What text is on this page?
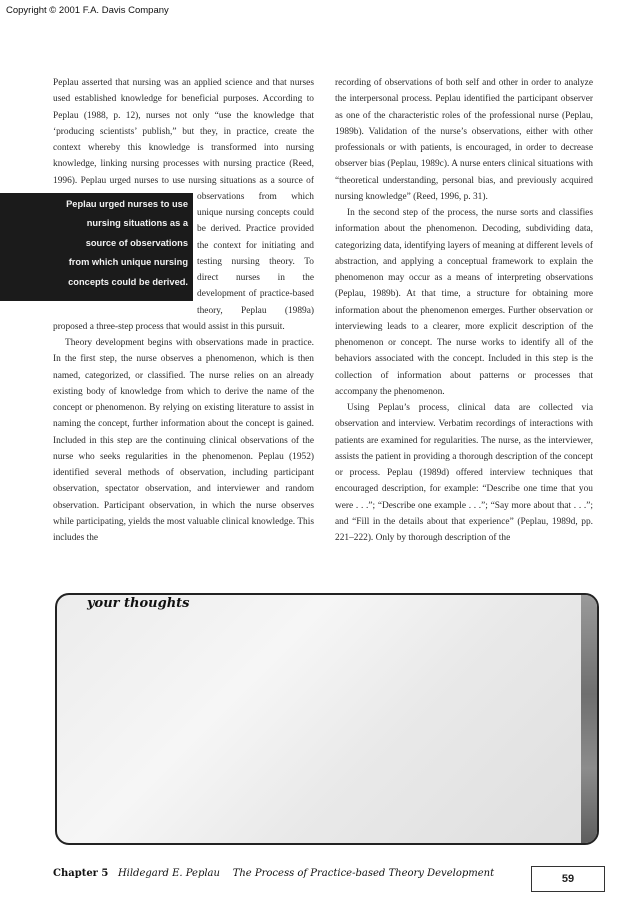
Copyright © 2001 F.A. Davis Company

Peplau asserted that nursing was an applied science and that nurses used established knowledge for beneficial purposes. According to Peplau (1988, p. 12), nurses not only “use the knowledge that ‘producing scientists’ publish,” but they, in practice, create the context whereby this knowledge is transformed into nursing knowledge, linking nursing processes with nursing practice (Reed, 1996). Peplau urged nurses to use nursing situations as a source of observations
Peplau urged nurses to use
nursing situations as a
source of observations
from which unique nursing
concepts could be derived.
from which unique nursing concepts could be derived. Practice provided the context for initiating and testing nursing theory. To direct nurses in the development of practice-based theory, Peplau (1989a) proposed a three-step process that would assist in this pursuit.

Theory development begins with observations made in practice. In the first step, the nurse observes a phenomenon, which is then named, categorized, or classified. The nurse relies on an already existing body of knowledge from which to derive the name of the concept or phenomenon. By relying on existing literature to assist in naming the concept, further information about the concept is gained. Included in this step are the continuing clinical observations of the nurse who seeks regularities in the phenomenon. Peplau (1952) identified several methods of observation, including participant observation, spectator observation, and interviewer and random observation. Participant observation, in which the nurse observes while participating, yields the most valuable clinical knowledge. This includes the

recording of observations of both self and other in order to analyze the interpersonal process. Peplau identified the participant observer as one of the characteristic roles of the professional nurse (Peplau, 1989b). Validation of the nurse’s observations, either with other professionals or with patients, is encouraged, in order to decrease observer bias (Peplau, 1989c). A nurse enters clinical situations with “theoretical understanding, personal bias, and previously acquired nursing knowledge” (Reed, 1996, p. 31).

In the second step of the process, the nurse sorts and classifies information about the phenomenon. Decoding, subdividing data, categorizing data, identifying layers of meaning at different levels of abstraction, and applying a conceptual framework to explain the phenomenon may occur as a means of interpreting observations (Peplau, 1989b). At that time, a structure for obtaining more information about the phenomenon emerges. Further observation or interviewing leads to a clearer, more explicit description of the phenomenon or concept. The nurse works to identify all of the behaviors associated with the concept. Included in this step is the collection of information about patterns or processes that accompany the phenomenon.

Using Peplau’s process, clinical data are collected via observation and interview. Verbatim recordings of interactions with patients are examined for regularities. The nurse, as the interviewer, assists the patient in providing a thorough description of the concept or process. Peplau (1989d) offered interview techniques that encouraged description, for example: “Describe one time that you were . . .”; “Describe one example . . .”; “Say more about that . . .”; and “Fill in the details about that experience” (Peplau, 1989d, pp. 221–222). Only by thorough description of the

your thoughts
Chapter 5 Hildegard E. Peplau The Process of Practice-based Theory Development	59
